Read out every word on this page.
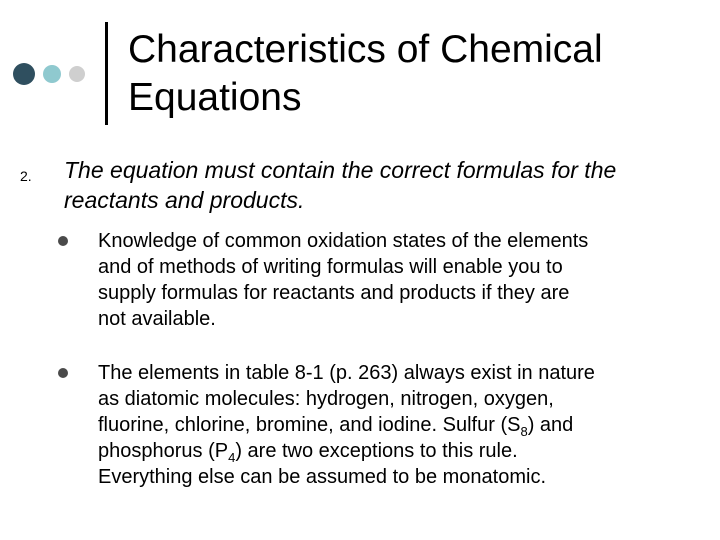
Characteristics of Chemical
Equations
2. The equation must contain the correct formulas for the
reactants and products.
Knowledge of common oxidation states of the elements
and of methods of writing formulas will enable you to
supply formulas for reactants and products if they are
not available.
The elements in table 8-1 (p. 263) always exist in nature
as diatomic molecules: hydrogen, nitrogen, oxygen,
fluorine, chlorine, bromine, and iodine. Sulfur $(S_8)$ and
phosphorus $(P_4)$ are two exceptions to this rule.
Everything else can be assumed to be monatomic.
